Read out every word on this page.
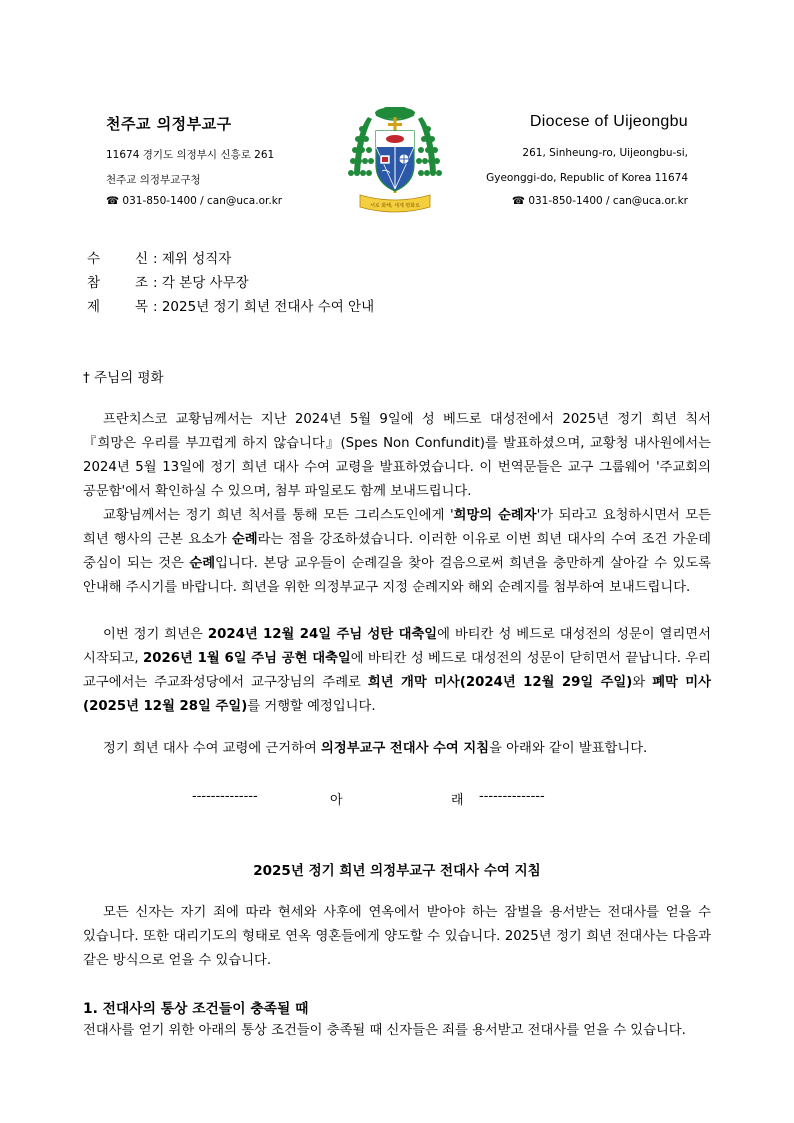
천주교 의정부교구
11674 경기도 의정부시 신흥로 261
천주교 의정부교구청
☎ 031-850-1400 / can@uca.or.kr	서로 화해, 세계 평화로
Diocese of Uijeongbu
261, Sinheung-ro, Uijeongbu-si,
Gyeonggi-do, Republic of Korea 11674
☎ 031-850-1400 / can@uca.or.kr
수	신 : 제위 성직자
참	조 : 각 본당 사무장
제	목 : 2025년 정기 희년 전대사 수여 안내
† 주님의 평화
프란치스코 교황님께서는 지난 2024년 5월 9일에 성 베드로 대성전에서 2025년 정기 희년 칙서 『희망은 우리를 부끄럽게 하지 않습니다』(Spes Non Confundit)를 발표하셨으며, 교황청 내사원에서는 2024년 5월 13일에 정기 희년 대사 수여 교령을 발표하였습니다. 이 번역문들은 교구 그룹웨어 '주교회의 공문함'에서 확인하실 수 있으며, 첨부 파일로도 함께 보내드립니다.
교황님께서는 정기 희년 칙서를 통해 모든 그리스도인에게 '희망의 순례자'가 되라고 요청하시면서 모든 희년 행사의 근본 요소가 순례라는 점을 강조하셨습니다. 이러한 이유로 이번 희년 대사의 수여 조건 가운데 중심이 되는 것은 순례입니다. 본당 교우들이 순례길을 찾아 걸음으로써 희년을 충만하게 살아갈 수 있도록 안내해 주시기를 바랍니다. 희년을 위한 의정부교구 지정 순례지와 해외 순례지를 첨부하여 보내드립니다.
이번 정기 희년은 2024년 12월 24일 주님 성탄 대축일에 바티칸 성 베드로 대성전의 성문이 열리면서 시작되고, 2026년 1월 6일 주님 공현 대축일에 바티칸 성 베드로 대성전의 성문이 닫히면서 끝납니다. 우리 교구에서는 주교좌성당에서 교구장님의 주례로 희년 개막 미사(2024년 12월 29일 주일)와 폐막 미사(2025년 12월 28일 주일)를 거행할 예정입니다.
정기 희년 대사 수여 교령에 근거하여 의정부교구 전대사 수여 지침을 아래와 같이 발표합니다.
--------------	아	래 --------------
2025년 정기 희년 의정부교구 전대사 수여 지침
모든 신자는 자기 죄에 따라 현세와 사후에 연옥에서 받아야 하는 잠벌을 용서받는 전대사를 얻을 수 있습니다. 또한 대리기도의 형태로 연옥 영혼들에게 양도할 수 있습니다. 2025년 정기 희년 전대사는 다음과 같은 방식으로 얻을 수 있습니다.
1. 전대사의 통상 조건들이 충족될 때
전대사를 얻기 위한 아래의 통상 조건들이 충족될 때 신자들은 죄를 용서받고 전대사를 얻을 수 있습니다.
